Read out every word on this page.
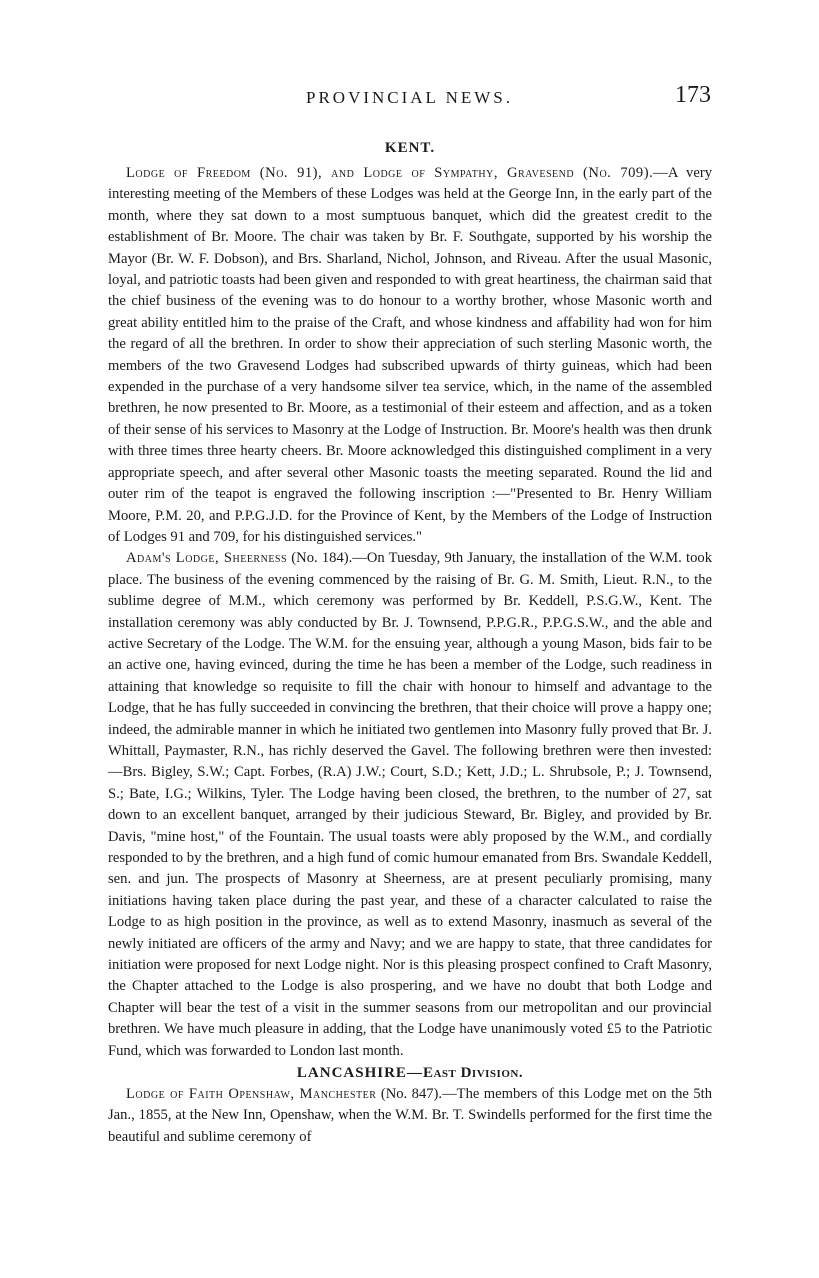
PROVINCIAL NEWS.	173
KENT.

Lodge of Freedom (No. 91), and Lodge of Sympathy, Gravesend (No. 709).—A very interesting meeting of the Members of these Lodges was held at the George Inn, in the early part of the month, where they sat down to a most sumptuous banquet, which did the greatest credit to the establishment of Br. Moore. The chair was taken by Br. F. Southgate, supported by his worship the Mayor (Br. W. F. Dobson), and Brs. Sharland, Nichol, Johnson, and Riveau. After the usual Masonic, loyal, and patriotic toasts had been given and responded to with great heartiness, the chairman said that the chief business of the evening was to do honour to a worthy brother, whose Masonic worth and great ability entitled him to the praise of the Craft, and whose kindness and affability had won for him the regard of all the brethren. In order to show their appreciation of such sterling Masonic worth, the members of the two Gravesend Lodges had subscribed upwards of thirty guineas, which had been expended in the purchase of a very handsome silver tea service, which, in the name of the assembled brethren, he now presented to Br. Moore, as a testimonial of their esteem and affection, and as a token of their sense of his services to Masonry at the Lodge of Instruction. Br. Moore's health was then drunk with three times three hearty cheers. Br. Moore acknowledged this distinguished compliment in a very appropriate speech, and after several other Masonic toasts the meeting separated. Round the lid and outer rim of the teapot is engraved the following inscription :—"Presented to Br. Henry William Moore, P.M. 20, and P.P.G.J.D. for the Province of Kent, by the Members of the Lodge of Instruction of Lodges 91 and 709, for his distinguished services."

Adam's Lodge, Sheerness (No. 184).—On Tuesday, 9th January, the installation of the W.M. took place. The business of the evening commenced by the raising of Br. G. M. Smith, Lieut. R.N., to the sublime degree of M.M., which ceremony was performed by Br. Keddell, P.S.G.W., Kent. The installation ceremony was ably conducted by Br. J. Townsend, P.P.G.R., P.P.G.S.W., and the able and active Secretary of the Lodge. The W.M. for the ensuing year, although a young Mason, bids fair to be an active one, having evinced, during the time he has been a member of the Lodge, such readiness in attaining that knowledge so requisite to fill the chair with honour to himself and advantage to the Lodge, that he has fully succeeded in convincing the brethren, that their choice will prove a happy one; indeed, the admirable manner in which he initiated two gentlemen into Masonry fully proved that Br. J. Whittall, Paymaster, R.N., has richly deserved the Gavel. The following brethren were then invested:—Brs. Bigley, S.W.; Capt. Forbes, (R.A) J.W.; Court, S.D.; Kett, J.D.; L. Shrubsole, P.; J. Townsend, S.; Bate, I.G.; Wilkins, Tyler. The Lodge having been closed, the brethren, to the number of 27, sat down to an excellent banquet, arranged by their judicious Steward, Br. Bigley, and provided by Br. Davis, "mine host," of the Fountain. The usual toasts were ably proposed by the W.M., and cordially responded to by the brethren, and a high fund of comic humour emanated from Brs. Swandale Keddell, sen. and jun. The prospects of Masonry at Sheerness, are at present peculiarly promising, many initiations having taken place during the past year, and these of a character calculated to raise the Lodge to as high position in the province, as well as to extend Masonry, inasmuch as several of the newly initiated are officers of the army and Navy; and we are happy to state, that three candidates for initiation were proposed for next Lodge night. Nor is this pleasing prospect confined to Craft Masonry, the Chapter attached to the Lodge is also prospering, and we have no doubt that both Lodge and Chapter will bear the test of a visit in the summer seasons from our metropolitan and our provincial brethren. We have much pleasure in adding, that the Lodge have unanimously voted £5 to the Patriotic Fund, which was forwarded to London last month.

LANCASHIRE—East Division.

Lodge of Faith Openshaw, Manchester (No. 847).—The members of this Lodge met on the 5th Jan., 1855, at the New Inn, Openshaw, when the W.M. Br. T. Swindells performed for the first time the beautiful and sublime ceremony of
